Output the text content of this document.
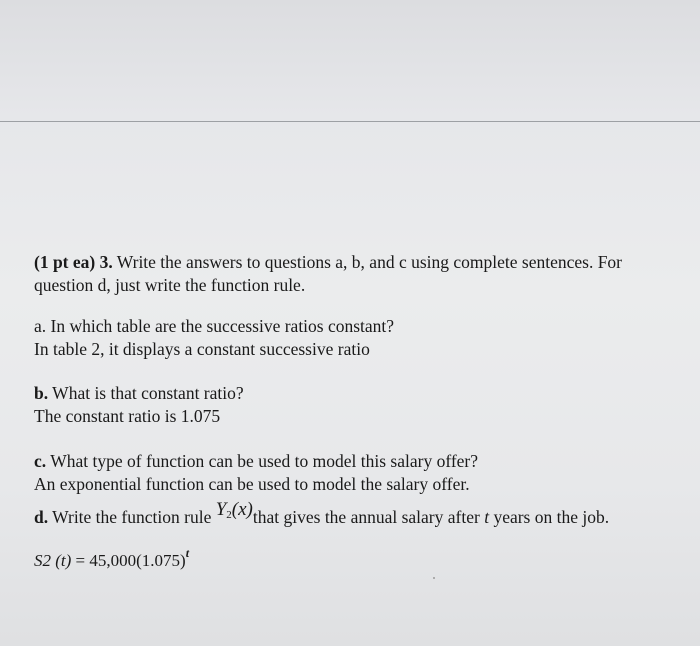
(1 pt ea) 3. Write the answers to questions a, b, and c using complete sentences. For
question d, just write the function rule.

a. In which table are the successive ratios constant?
In table 2, it displays a constant successive ratio

b. What is that constant ratio?
The constant ratio is 1.075

c. What type of function can be used to model this salary offer?
An exponential function can be used to model the salary offer.

d. Write the function rule $Y_2(x)that$ gives the annual salary after t years on the job.

S2 $(t) = 45,000(1.075)^t$
